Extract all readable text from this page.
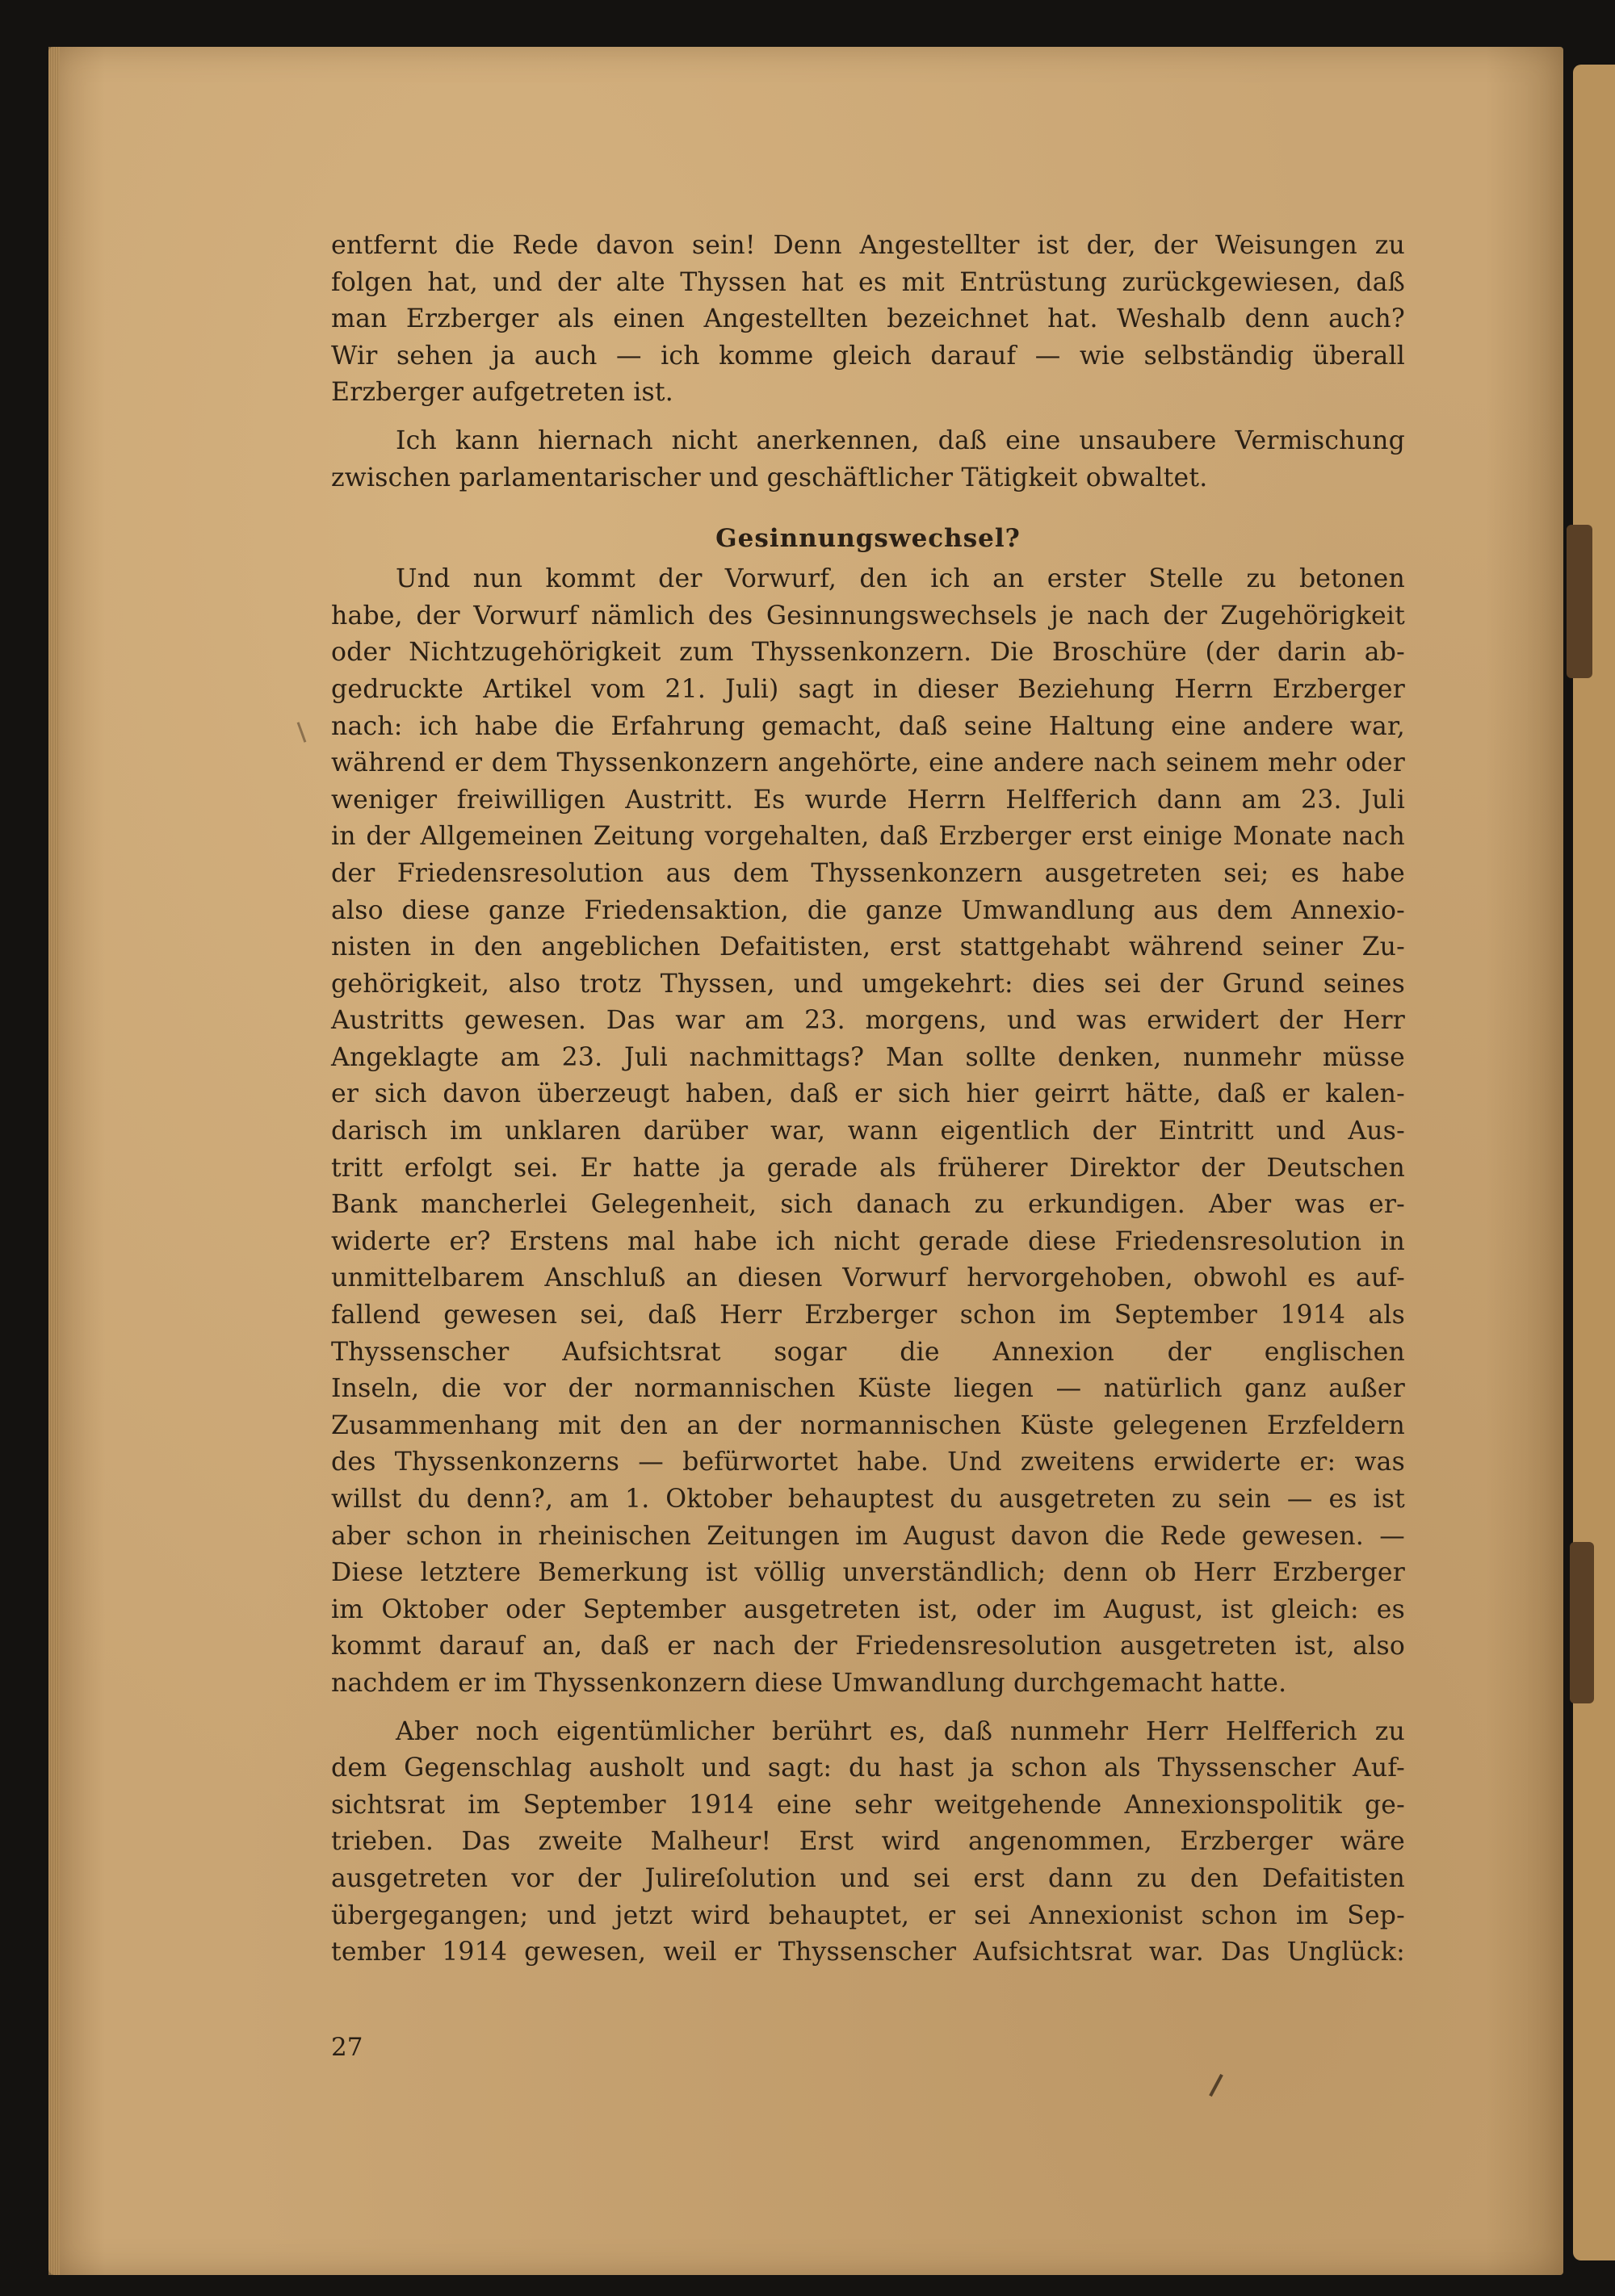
entfernt die Rede davon sein! Denn Angestellter ist der, der Weisungen zu
folgen hat, und der alte Thyssen hat es mit Entrüstung zurückgewiesen, daß
man Erzberger als einen Angestellten bezeichnet hat. Weshalb denn auch?
Wir sehen ja auch — ich komme gleich darauf — wie selbständig überall
Erzberger aufgetreten ist.
Ich kann hiernach nicht anerkennen, daß eine unsaubere Vermischung
zwischen parlamentarischer und geschäftlicher Tätigkeit obwaltet.
Gesinnungswechsel?
Und nun kommt der Vorwurf, den ich an erster Stelle zu betonen
habe, der Vorwurf nämlich des Gesinnungswechsels je nach der Zugehörigkeit
oder Nichtzugehörigkeit zum Thyssenkonzern. Die Broschüre (der darin ab-
gedruckte Artikel vom 21. Juli) sagt in dieser Beziehung Herrn Erzberger
nach: ich habe die Erfahrung gemacht, daß seine Haltung eine andere war,
während er dem Thyssenkonzern angehörte, eine andere nach seinem mehr oder
weniger freiwilligen Austritt. Es wurde Herrn Helfferich dann am 23. Juli
in der Allgemeinen Zeitung vorgehalten, daß Erzberger erst einige Monate nach
der Friedensresolution aus dem Thyssenkonzern ausgetreten sei; es habe
also diese ganze Friedensaktion, die ganze Umwandlung aus dem Annexio-
nisten in den angeblichen Defaitisten, erst stattgehabt während seiner Zu-
gehörigkeit, also trotz Thyssen, und umgekehrt: dies sei der Grund seines
Austritts gewesen. Das war am 23. morgens, und was erwidert der Herr
Angeklagte am 23. Juli nachmittags? Man sollte denken, nunmehr müsse
er sich davon überzeugt haben, daß er sich hier geirrt hätte, daß er kalen-
darisch im unklaren darüber war, wann eigentlich der Eintritt und Aus-
tritt erfolgt sei. Er hatte ja gerade als früherer Direktor der Deutschen
Bank mancherlei Gelegenheit, sich danach zu erkundigen. Aber was er-
widerte er? Erstens mal habe ich nicht gerade diese Friedensresolution in
unmittelbarem Anschluß an diesen Vorwurf hervorgehoben, obwohl es auf-
fallend gewesen sei, daß Herr Erzberger schon im September 1914 als
Thyssenscher Aufsichtsrat sogar die Annexion der englischen
Inseln, die vor der normannischen Küste liegen — natürlich ganz außer
Zusammenhang mit den an der normannischen Küste gelegenen Erzfeldern
des Thyssenkonzerns — befürwortet habe. Und zweitens erwiderte er: was
willst du denn?, am 1. Oktober behauptest du ausgetreten zu sein — es ist
aber schon in rheinischen Zeitungen im August davon die Rede gewesen. —
Diese letztere Bemerkung ist völlig unverständlich; denn ob Herr Erzberger
im Oktober oder September ausgetreten ist, oder im August, ist gleich: es
kommt darauf an, daß er nach der Friedensresolution ausgetreten ist, also
nachdem er im Thyssenkonzern diese Umwandlung durchgemacht hatte.
Aber noch eigentümlicher berührt es, daß nunmehr Herr Helfferich zu
dem Gegenschlag ausholt und sagt: du hast ja schon als Thyssenscher Auf-
sichtsrat im September 1914 eine sehr weitgehende Annexionspolitik ge-
trieben. Das zweite Malheur! Erst wird angenommen, Erzberger wäre
ausgetreten vor der Julireſolution und sei erst dann zu den Defaitisten
übergegangen; und jetzt wird behauptet, er sei Annexionist schon im Sep-
tember 1914 gewesen, weil er Thyssenscher Aufsichtsrat war. Das Unglück:
27
